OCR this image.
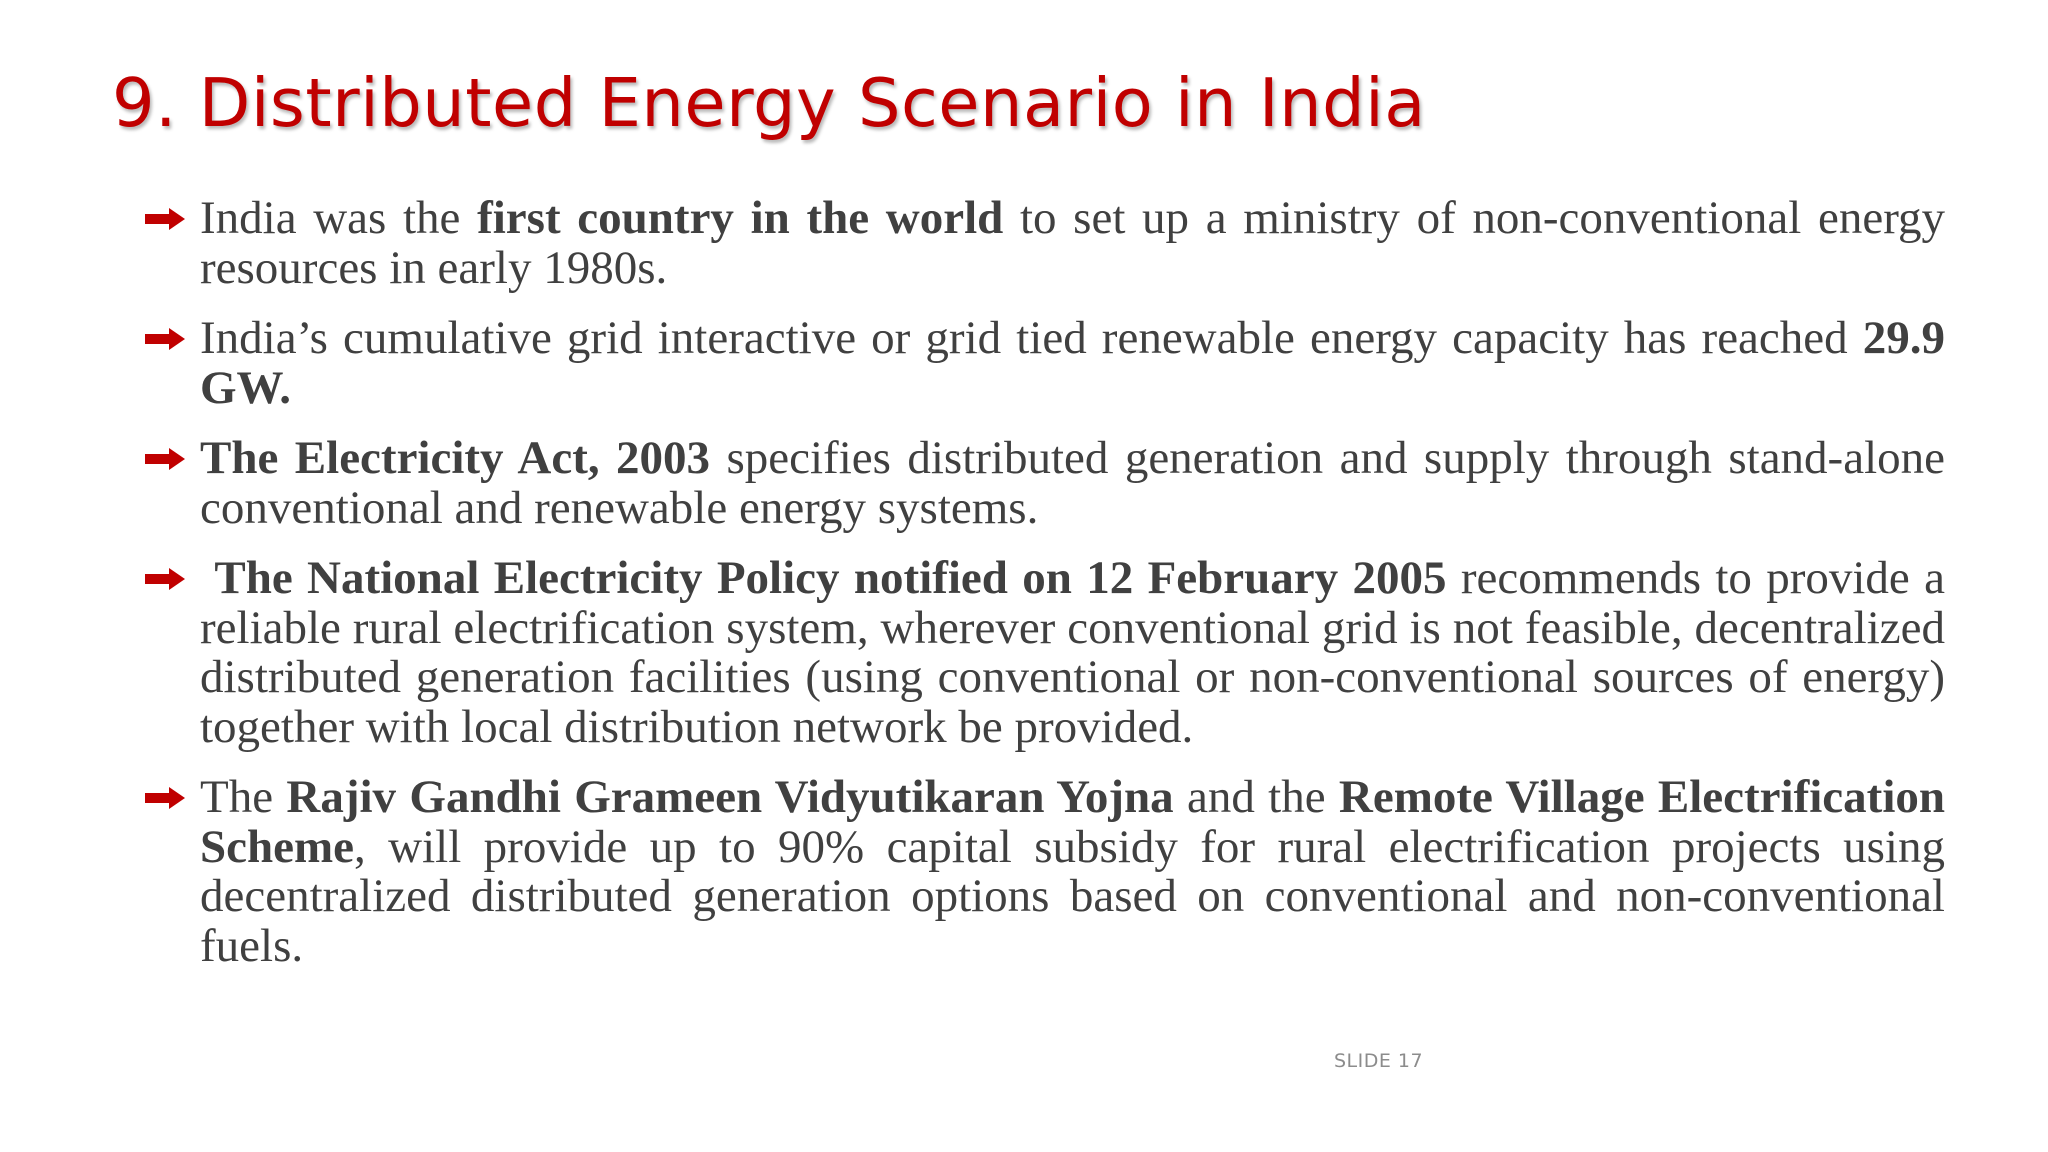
9. Distributed Energy Scenario in India
India was the first country in the world to set up a ministry of non-conventional energy resources in early 1980s.
India’s cumulative grid interactive or grid tied renewable energy capacity has reached 29.9 GW.
The Electricity Act, 2003 specifies distributed generation and supply through stand-alone conventional and renewable energy systems.
The National Electricity Policy notified on 12 February 2005 recommends to provide a reliable rural electrification system, wherever conventional grid is not feasible, decentralized distributed generation facilities (using conventional or non-conventional sources of energy) together with local distribution network be provided.
The Rajiv Gandhi Grameen Vidyutikaran Yojna and the Remote Village Electrification Scheme, will provide up to 90% capital subsidy for rural electrification projects using decentralized distributed generation options based on conventional and non-conventional fuels.
SLIDE 17
